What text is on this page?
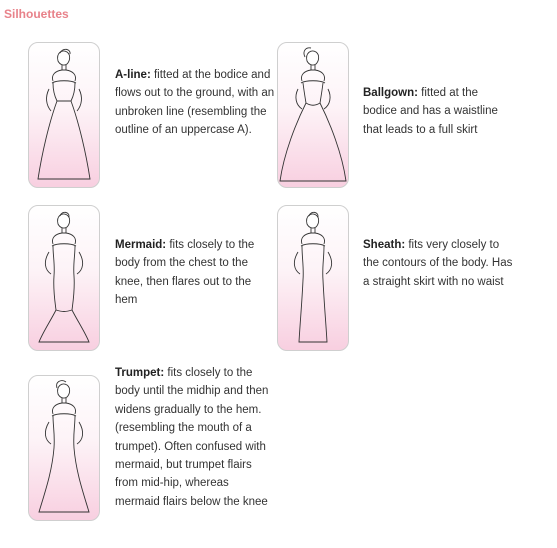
Silhouettes
A-line: fitted at the bodice and flows out to the ground, with an unbroken line (resembling the outline of an uppercase A).
Ballgown: fitted at the bodice and has a waistline that leads to a full skirt
Mermaid: fits closely to the body from the chest to the knee, then flares out to the hem
Sheath: fits very closely to the contours of the body. Has a straight skirt with no waist
Trumpet: fits closely to the body until the midhip and then widens gradually to the hem. (resembling the mouth of a trumpet). Often confused with mermaid, but trumpet flairs from mid-hip, whereas mermaid flairs below the knee
